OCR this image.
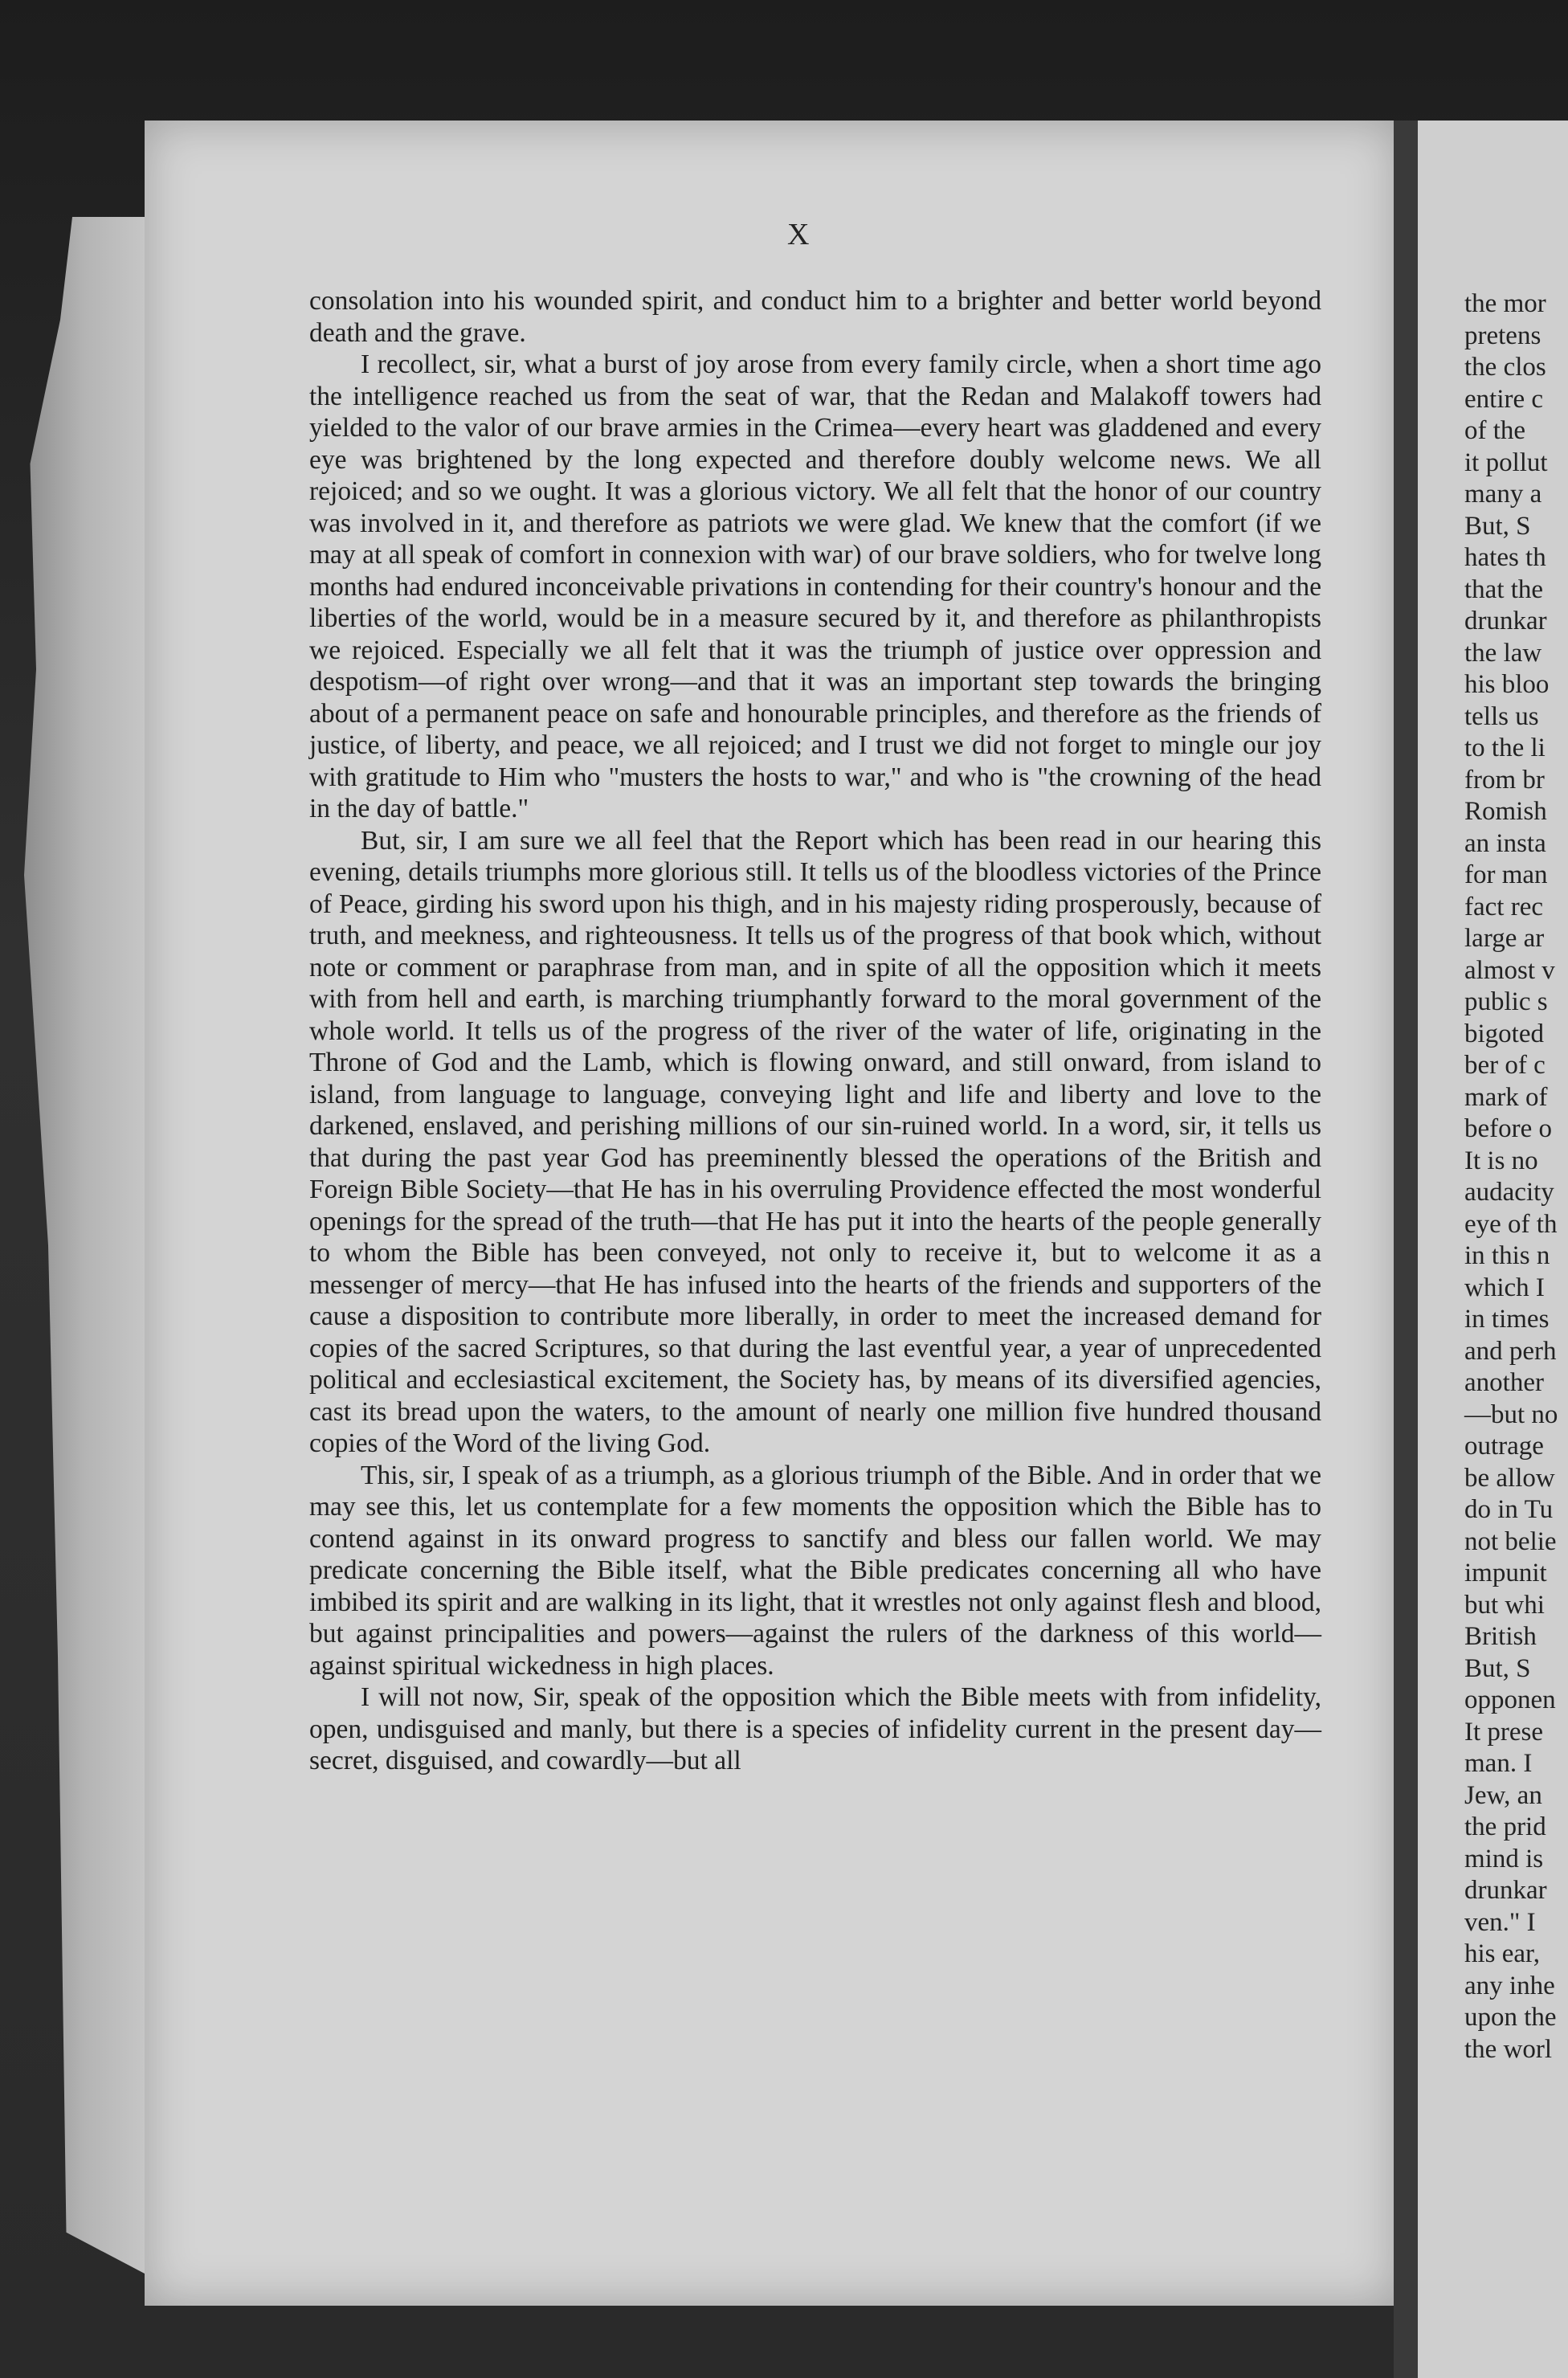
X

consolation into his wounded spirit, and conduct him to a brighter and better world beyond death and the grave.

I recollect, sir, what a burst of joy arose from every family circle, when a short time ago the intelligence reached us from the seat of war, that the Redan and Malakoff towers had yielded to the valor of our brave armies in the Crimea—every heart was gladdened and every eye was brightened by the long expected and therefore doubly welcome news. We all rejoiced; and so we ought. It was a glorious victory. We all felt that the honor of our country was involved in it, and therefore as patriots we were glad. We knew that the comfort (if we may at all speak of comfort in connexion with war) of our brave soldiers, who for twelve long months had endured inconceivable privations in contending for their country's honour and the liberties of the world, would be in a measure secured by it, and therefore as philanthropists we rejoiced. Especially we all felt that it was the triumph of justice over oppression and despotism—of right over wrong—and that it was an important step towards the bringing about of a permanent peace on safe and honourable principles, and therefore as the friends of justice, of liberty, and peace, we all rejoiced; and I trust we did not forget to mingle our joy with gratitude to Him who "musters the hosts to war," and who is "the crowning of the head in the day of battle."

But, sir, I am sure we all feel that the Report which has been read in our hearing this evening, details triumphs more glorious still. It tells us of the bloodless victories of the Prince of Peace, girding his sword upon his thigh, and in his majesty riding prosperously, because of truth, and meekness, and righteousness. It tells us of the progress of that book which, without note or comment or paraphrase from man, and in spite of all the opposition which it meets with from hell and earth, is marching triumphantly forward to the moral government of the whole world. It tells us of the progress of the river of the water of life, originating in the Throne of God and the Lamb, which is flowing onward, and still onward, from island to island, from language to language, conveying light and life and liberty and love to the darkened, enslaved, and perishing millions of our sin-ruined world. In a word, sir, it tells us that during the past year God has preeminently blessed the operations of the British and Foreign Bible Society—that He has in his overruling Providence effected the most wonderful openings for the spread of the truth—that He has put it into the hearts of the people generally to whom the Bible has been conveyed, not only to receive it, but to welcome it as a messenger of mercy—that He has infused into the hearts of the friends and supporters of the cause a disposition to contribute more liberally, in order to meet the increased demand for copies of the sacred Scriptures, so that during the last eventful year, a year of unprecedented political and ecclesiastical excitement, the Society has, by means of its diversified agencies, cast its bread upon the waters, to the amount of nearly one million five hundred thousand copies of the Word of the living God.

This, sir, I speak of as a triumph, as a glorious triumph of the Bible. And in order that we may see this, let us contemplate for a few moments the opposition which the Bible has to contend against in its onward progress to sanctify and bless our fallen world. We may predicate concerning the Bible itself, what the Bible predicates concerning all who have imbibed its spirit and are walking in its light, that it wrestles not only against flesh and blood, but against principalities and powers—against the rulers of the darkness of this world—against spiritual wickedness in high places.

I will not now, Sir, speak of the opposition which the Bible meets with from infidelity, open, undisguised and manly, but there is a species of infidelity current in the present day—secret, disguised, and cowardly—but all

the mor
pretens
the clos
entire c
of the
it pollut
many a
But, S
hates th
that the
drunkar
the law
his bloo
tells us
to the li
from br
Romish
an insta
for man
fact rec
large ar
almost v
public s
bigoted
ber of c
mark of
before o
It is no
audacity
eye of th
in this n
which I
in times
and perh
another
—but no
outrage
be allow
do in Tu
not belie
impunit
but whi
British
But, S
opponen
It prese
man. I
Jew, an
the prid
mind is
drunkar
ven." I
his ear,
any inhe
upon the
the worl
